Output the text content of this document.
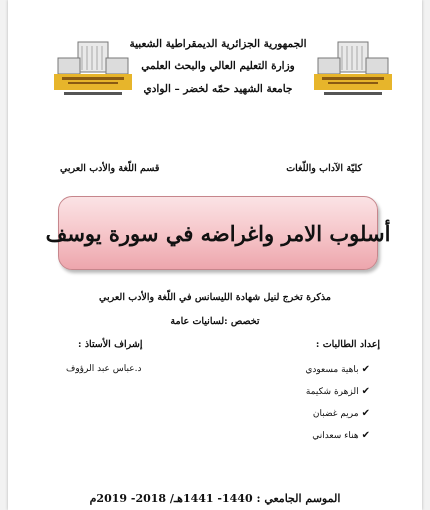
الجمهورية الجزائرية الديمقراطية الشعبية
وزارة التعليم العالي والبحث العلمي
جامعة الشهيد حمّه لخضر – الوادي
كليّة الآداب واللّغات
قسم اللّغة والأدب العربي
أسلوب الامر واغراضه في سورة يوسف
مذكرة تخرج لنيل شهادة الليسانس في اللّغة والأدب العربي
تخصص :لسانيات عامة
إعداد الطالبات :
إشراف الأستاذ :
د.عباس عبد الرؤوف	✔
باهية مسعودي
✔
الزهرة شكيمة
✔
مريم غضبان
✔
هناء سعداني
الموسم الجامعي : 1440- 1441هـ/ 2018- 2019م
